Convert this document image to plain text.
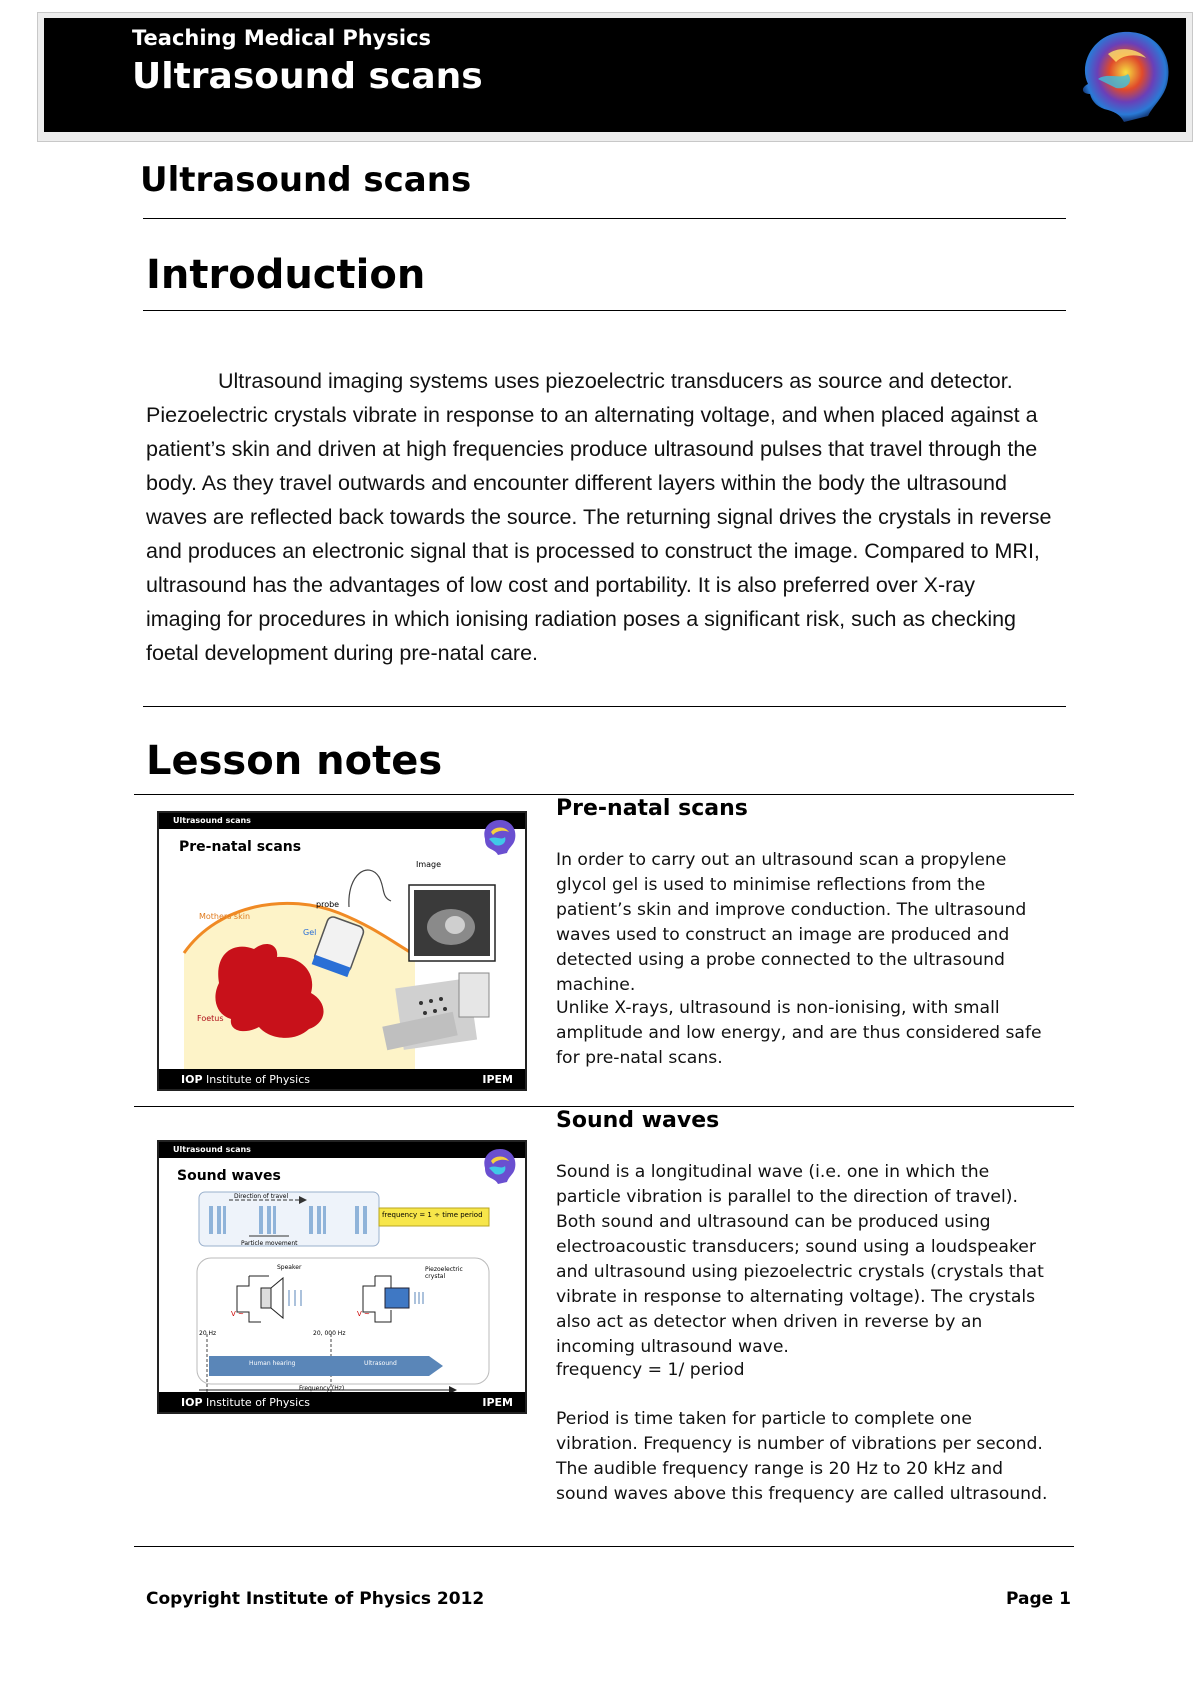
Teaching Medical Physics
Ultrasound scans
Ultrasound scans
Introduction
Ultrasound imaging systems uses piezoelectric transducers as source and detector. Piezoelectric crystals vibrate in response to an alternating voltage, and when placed against a patient’s skin and driven at high frequencies produce ultrasound pulses that travel through the body. As they travel outwards and encounter different layers within the body the ultrasound waves are reflected back towards the source. The returning signal drives the crystals in reverse and produces an electronic signal that is processed to construct the image. Compared to MRI, ultrasound has the advantages of low cost and portability. It is also preferred over X-ray imaging for procedures in which ionising radiation poses a significant risk, such as checking foetal development during pre-natal care.
Lesson notes
Ultrasound scans
Pre-natal scans
Image
probe
Gel
Mothers skin
Foetus
IOP Institute of Physics	IPEM
Pre-natal scans
In order to carry out an ultrasound scan a propylene glycol gel is used to minimise reflections from the patient’s skin and improve conduction. The ultrasound waves used to construct an image are produced and detected using a probe connected to the ultrasound machine.
Unlike X-rays, ultrasound is non-ionising, with small amplitude and low energy, and are thus considered safe for pre-natal scans.
Ultrasound scans
Sound waves
Direction of travel
frequency = 1 ÷ time period
Particle movement
Speaker	Piezoelectric crystal
V ~	V ~
20 Hz	20, 000 Hz
Human hearing	Ultrasound
Frequency (Hz)
IOP Institute of Physics	IPEM
Sound waves
Sound is a longitudinal wave (i.e. one in which the particle vibration is parallel to the direction of travel). Both sound and ultrasound can be produced using electroacoustic transducers; sound using a loudspeaker and ultrasound using piezoelectric crystals (crystals that vibrate in response to alternating voltage). The crystals also act as detector when driven in reverse by an incoming ultrasound wave.
frequency = 1/ period
Period is time taken for particle to complete one vibration. Frequency is number of vibrations per second. The audible frequency range is 20 Hz to 20 kHz and sound waves above this frequency are called ultrasound.
Copyright Institute of Physics 2012	Page 1
